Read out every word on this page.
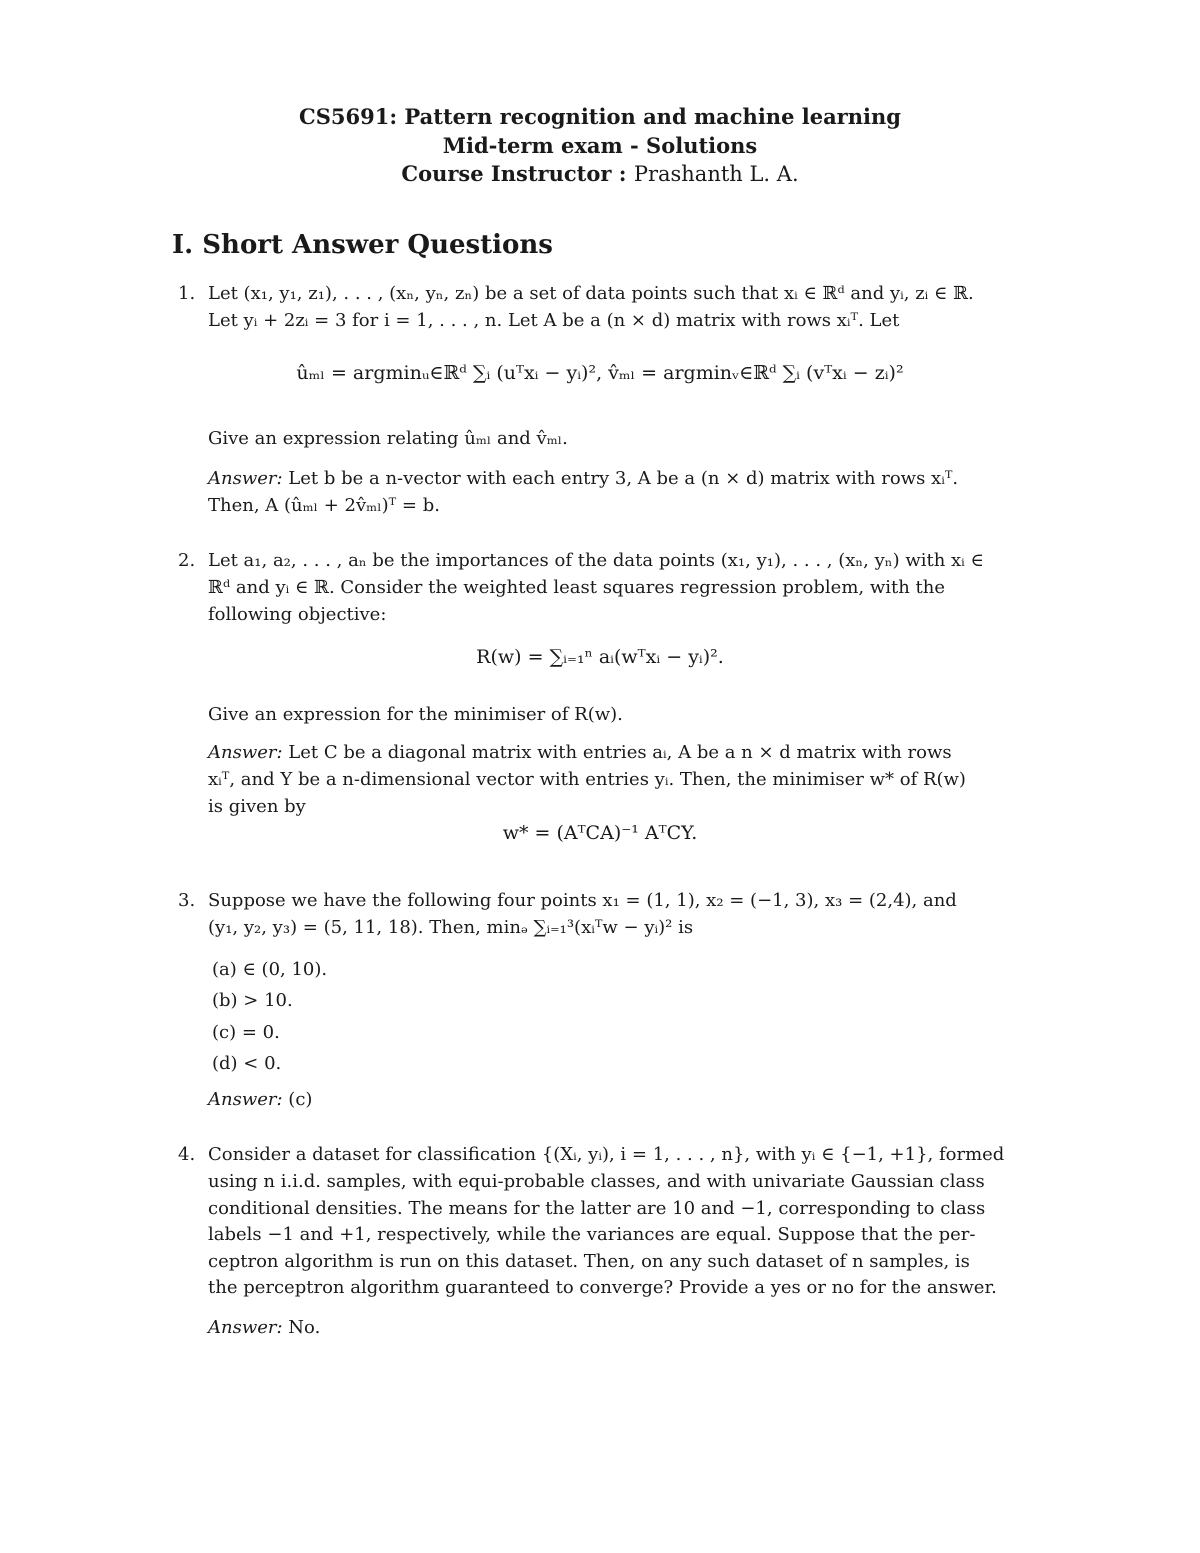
CS5691: Pattern recognition and machine learning
Mid-term exam - Solutions
Course Instructor : Prashanth L. A.
I. Short Answer Questions
1. Let (x₁, y₁, z₁), . . . , (xₙ, yₙ, zₙ) be a set of data points such that xᵢ ∈ ℝᵈ and yᵢ, zᵢ ∈ ℝ.
Let yᵢ + 2zᵢ = 3 for i = 1, . . . , n. Let A be a (n × d) matrix with rows xᵢᵀ. Let
ûₘₗ = argminᵤ∈ℝᵈ ∑ᵢ (uᵀxᵢ − yᵢ)², v̂ₘₗ = argminᵥ∈ℝᵈ ∑ᵢ (vᵀxᵢ − zᵢ)²
Give an expression relating ûₘₗ and v̂ₘₗ.
Answer: Let b be a n-vector with each entry 3, A be a (n × d) matrix with rows xᵢᵀ.
Then, A (ûₘₗ + 2v̂ₘₗ)ᵀ = b.
2. Let a₁, a₂, . . . , aₙ be the importances of the data points (x₁, y₁), . . . , (xₙ, yₙ) with xᵢ ∈
ℝᵈ and yᵢ ∈ ℝ. Consider the weighted least squares regression problem, with the
following objective:
R(w) = ∑ᵢ₌₁ⁿ aᵢ(wᵀxᵢ − yᵢ)².
Give an expression for the minimiser of R(w).
Answer: Let C be a diagonal matrix with entries aᵢ, A be a n × d matrix with rows
xᵢᵀ, and Y be a n-dimensional vector with entries yᵢ. Then, the minimiser w* of R(w)
is given by
w* = (AᵀCA)⁻¹ AᵀCY.
3. Suppose we have the following four points x₁ = (1, 1), x₂ = (−1, 3), x₃ = (2,4), and
(y₁, y₂, y₃) = (5, 11, 18). Then, minₔ ∑ᵢ₌₁³(xᵢᵀw − yᵢ)² is
(a) ∈ (0, 10).
(b) > 10.
(c) = 0.
(d) < 0.
Answer: (c)
4. Consider a dataset for classification {(Xᵢ, yᵢ), i = 1, . . . , n}, with yᵢ ∈ {−1, +1}, formed
using n i.i.d. samples, with equi-probable classes, and with univariate Gaussian class
conditional densities. The means for the latter are 10 and −1, corresponding to class
labels −1 and +1, respectively, while the variances are equal. Suppose that the per-
ceptron algorithm is run on this dataset. Then, on any such dataset of n samples, is
the perceptron algorithm guaranteed to converge? Provide a yes or no for the answer.
Answer: No.
